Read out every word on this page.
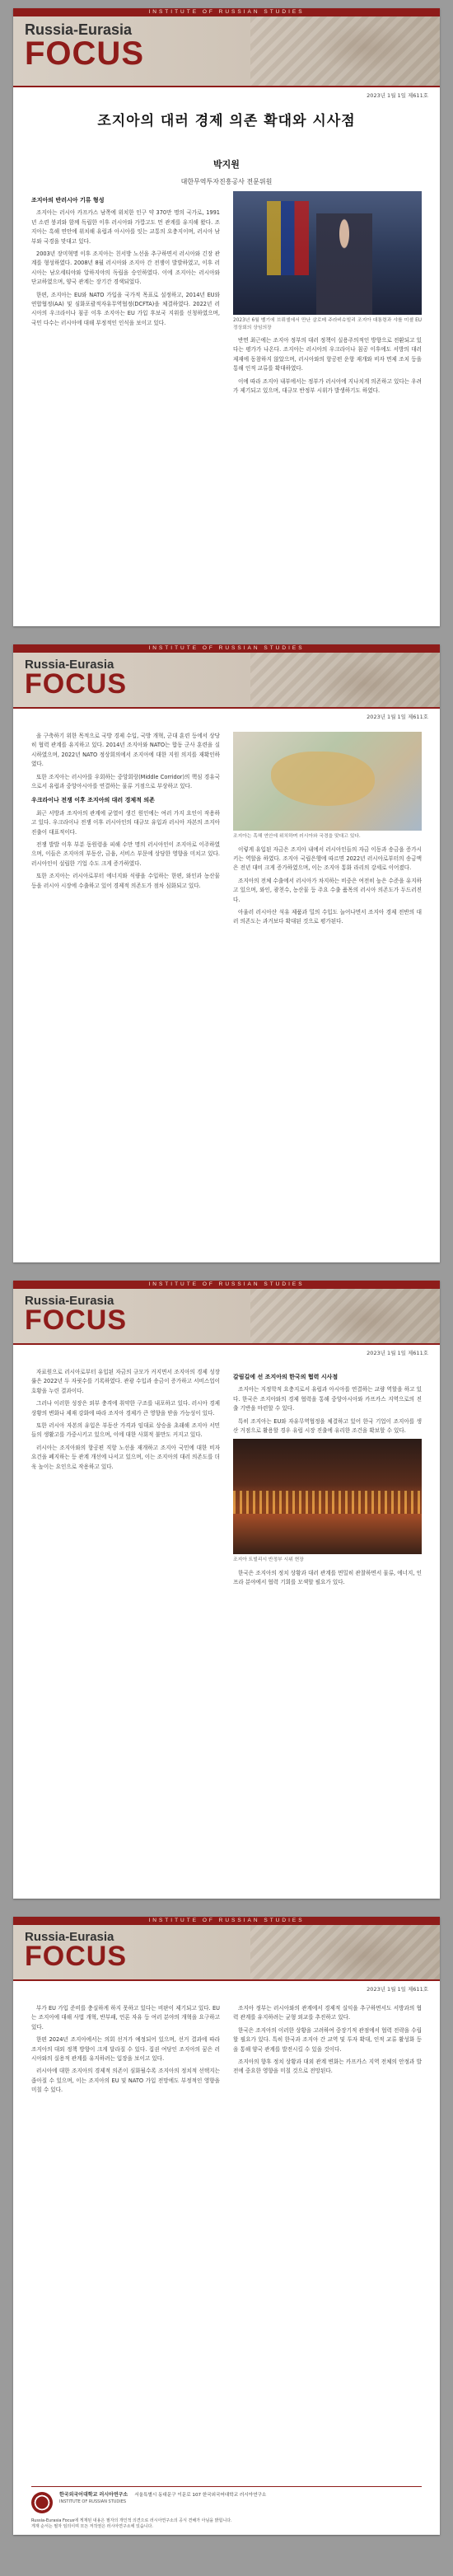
INSTITUTE OF RUSSIAN STUDIES
Russia-Eurasia
FOCUS
2023년 1월 1일 제611호
조지아의 대러 경제 의존 확대와 시사점
박지원
대한무역투자진흥공사 전문위원
조지아의 반러시아 기류 형성

조지아는 러시아 카프카스 남쪽에 위치한 인구 약 370만 명의 국가로, 1991년 소련 붕괴와 함께 독립한 이후 러시아와 가깝고도 먼 관계를 유지해 왔다. 조지아는 흑해 연안에 위치해 유럽과 아시아를 잇는 교통의 요충지이며, 러시아 남부와 국경을 맞대고 있다.

2003년 장미혁명 이후 조지아는 친서방 노선을 추구하면서 러시아와 긴장 관계를 형성하였다. 2008년 8월 러시아와 조지아 간 전쟁이 발발하였고, 이후 러시아는 남오세티야와 압하지야의 독립을 승인하였다. 이에 조지아는 러시아와 단교하였으며, 양국 관계는 장기간 경색되었다.

한편, 조지아는 EU와 NATO 가입을 국가적 목표로 설정하고, 2014년 EU와 연합협정(AA) 및 심화포괄적자유무역협정(DCFTA)을 체결하였다. 2022년 러시아의 우크라이나 침공 이후 조지아는 EU 가입 후보국 지위를 신청하였으며, 국민 다수는 러시아에 대해 부정적인 인식을 보이고 있다.	2023년 6월 벨기에 브뤼셀에서 만난 살로메 주라비슈빌리 조지아 대통령과 샤를 미셸 EU 정상회의 상임의장

반면 최근에는 조지아 정부의 대러 정책이 실용주의적인 방향으로 전환되고 있다는 평가가 나온다. 조지아는 러시아의 우크라이나 침공 이후에도 서방의 대러 제재에 동참하지 않았으며, 러시아와의 항공편 운항 재개와 비자 면제 조치 등을 통해 인적 교류를 확대하였다.

이에 따라 조지아 내부에서는 정부가 러시아에 지나치게 의존하고 있다는 우려가 제기되고 있으며, 대규모 반정부 시위가 발생하기도 하였다.

INSTITUTE OF RUSSIAN STUDIES
Russia-Eurasia
FOCUS
2023년 1월 1일 제611호

을 구축하기 위한 목적으로 국방 경제 수입, 국방 개혁, 군대 훈련 등에서 상당히 협력 관계를 유지하고 있다. 2014년 조지아와 NATO는 합동 군사 훈련을 실시하였으며, 2022년 NATO 정상회의에서 조지아에 대한 지원 의지를 재확인하였다.

또한 조지아는 러시아를 우회하는 중앙회랑(Middle Corridor)의 핵심 경유국으로서 유럽과 중앙아시아를 연결하는 물류 거점으로 부상하고 있다.

우크라이나 전쟁 이후 조지아의 대러 경제적 의존

최근 서방과 조지아의 관계에 균열이 생긴 원인에는 여러 가지 요인이 작용하고 있다. 우크라이나 전쟁 이후 러시아인의 대규모 유입과 러시아 자본의 조지아 진출이 대표적이다.

전쟁 발발 이후 부분 동원령을 피해 수만 명의 러시아인이 조지아로 이주하였으며, 이들은 조지아의 부동산, 금융, 서비스 부문에 상당한 영향을 미치고 있다. 러시아인이 설립한 기업 수도 크게 증가하였다.

또한 조지아는 러시아로부터 에너지와 식량을 수입하는 한편, 와인과 농산물 등을 러시아 시장에 수출하고 있어 경제적 의존도가 점차 심화되고 있다.

조지아는 흑해 연안에 위치하며 러시아와 국경을 맞대고 있다.

이렇게 유입된 자금은 조지아 내에서 러시아인들의 자금 이동과 송금을 증가시키는 역할을 하였다. 조지아 국립은행에 따르면 2022년 러시아로부터의 송금액은 전년 대비 크게 증가하였으며, 이는 조지아 통화 라리의 강세로 이어졌다.

조지아의 전체 수출에서 러시아가 차지하는 비중은 여전히 높은 수준을 유지하고 있으며, 와인, 광천수, 농산물 등 주요 수출 품목의 러시아 의존도가 두드러진다.

아울러 러시아산 석유 제품과 밀의 수입도 늘어나면서 조지아 경제 전반의 대러 의존도는 과거보다 확대된 것으로 평가된다.

INSTITUTE OF RUSSIAN STUDIES
Russia-Eurasia
FOCUS
2023년 1월 1일 제611호

자료원으로 러시아로부터 유입된 자금의 규모가 커지면서 조지아의 경제 성장률은 2022년 두 자릿수를 기록하였다. 관광 수입과 송금이 증가하고 서비스업이 호황을 누린 결과이다.

그러나 이러한 성장은 외부 충격에 취약한 구조를 내포하고 있다. 러시아 경제 상황의 변화나 제재 강화에 따라 조지아 경제가 큰 영향을 받을 가능성이 있다.

또한 러시아 자본의 유입은 부동산 가격과 임대료 상승을 초래해 조지아 서민들의 생활고를 가중시키고 있으며, 이에 대한 사회적 불만도 커지고 있다.

러시아는 조지아와의 항공편 직항 노선을 재개하고 조지아 국민에 대한 비자 요건을 폐지하는 등 관계 개선에 나서고 있으며, 이는 조지아의 대러 의존도를 더욱 높이는 요인으로 작용하고 있다.

갈림길에 선 조지아의 한국의 협력 시사점

조지아는 지정학적 요충지로서 유럽과 아시아를 연결하는 교량 역할을 하고 있다. 한국은 조지아와의 경제 협력을 통해 중앙아시아와 카프카스 지역으로의 진출 기반을 마련할 수 있다.

특히 조지아는 EU와 자유무역협정을 체결하고 있어 한국 기업이 조지아를 생산 거점으로 활용할 경우 유럽 시장 진출에 유리한 조건을 확보할 수 있다.

조지아 트빌리시 반정부 시위 현장

한국은 조지아의 정치 상황과 대러 관계를 면밀히 관찰하면서 물류, 에너지, 인프라 분야에서 협력 기회를 모색할 필요가 있다.

INSTITUTE OF RUSSIAN STUDIES
Russia-Eurasia
FOCUS
2023년 1월 1일 제611호

부가 EU 가입 준비를 충실하게 하지 못하고 있다는 비판이 제기되고 있다. EU는 조지아에 대해 사법 개혁, 반부패, 언론 자유 등 여러 분야의 개혁을 요구하고 있다.

한편 2024년 조지아에서는 의회 선거가 예정되어 있으며, 선거 결과에 따라 조지아의 대외 정책 방향이 크게 달라질 수 있다. 집권 여당인 조지아의 꿈은 러시아와의 실용적 관계를 유지하려는 입장을 보이고 있다.

러시아에 대한 조지아의 경제적 의존이 심화될수록 조지아의 정치적 선택지는 좁아질 수 있으며, 이는 조지아의 EU 및 NATO 가입 전망에도 부정적인 영향을 미칠 수 있다.

조지아 정부는 러시아와의 관계에서 경제적 실익을 추구하면서도 서방과의 협력 관계를 유지하려는 균형 외교를 추진하고 있다.

한국은 조지아의 이러한 상황을 고려하여 중장기적 관점에서 협력 전략을 수립할 필요가 있다. 특히 한국과 조지아 간 교역 및 투자 확대, 인적 교류 활성화 등을 통해 양국 관계를 발전시킬 수 있을 것이다.

조지아의 향후 정치 상황과 대외 관계 변화는 카프카스 지역 전체의 안정과 발전에 중요한 영향을 미칠 것으로 전망된다.

한국외국어대학교 러시아연구소
INSTITUTE OF RUSSIAN STUDIES
서울특별시 동대문구 이문로 107 한국외국어대학교 러시아연구소
Russia-Eurasia Focus에 게재된 내용은 필자의 개인적 의견으로 러시아연구소의 공식 견해가 아님을 밝힙니다.
게재 순서는 필자 임의이며 모든 저작권은 러시아연구소에 있습니다.
